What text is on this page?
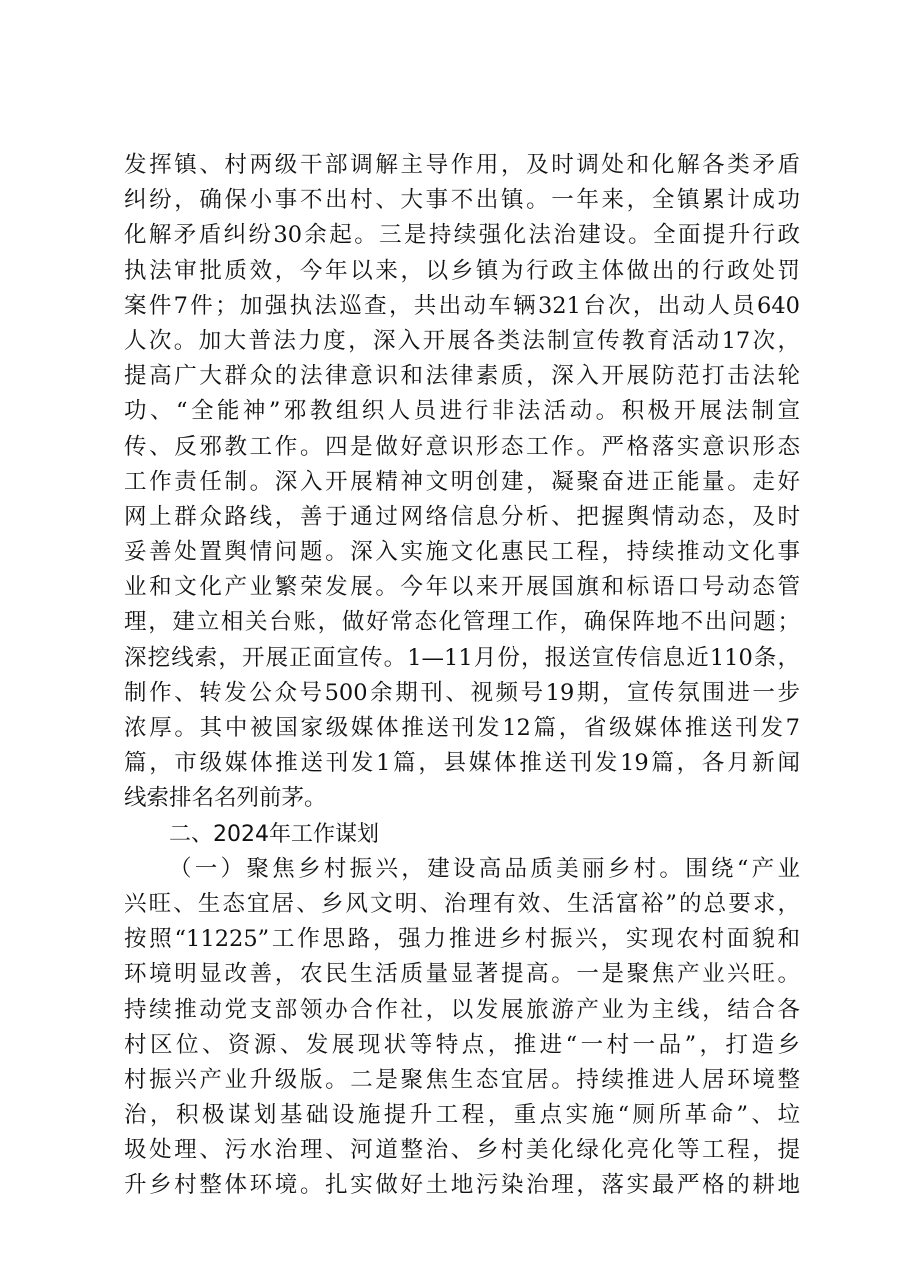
发挥镇、村两级干部调解主导作用，及时调处和化解各类矛盾
纠纷，确保小事不出村、大事不出镇。一年来，全镇累计成功
化解矛盾纠纷30余起。三是持续强化法治建设。全面提升行政
执法审批质效，今年以来，以乡镇为行政主体做出的行政处罚
案件7件；加强执法巡查，共出动车辆321台次，出动人员640
人次。加大普法力度，深入开展各类法制宣传教育活动17次，
提高广大群众的法律意识和法律素质，深入开展防范打击法轮
功、“全能神”邪教组织人员进行非法活动。积极开展法制宣
传、反邪教工作。四是做好意识形态工作。严格落实意识形态
工作责任制。深入开展精神文明创建，凝聚奋进正能量。走好
网上群众路线，善于通过网络信息分析、把握舆情动态，及时
妥善处置舆情问题。深入实施文化惠民工程，持续推动文化事
业和文化产业繁荣发展。今年以来开展国旗和标语口号动态管
理，建立相关台账，做好常态化管理工作，确保阵地不出问题；
深挖线索，开展正面宣传。1—11月份，报送宣传信息近110条，
制作、转发公众号500余期刊、视频号19期，宣传氛围进一步
浓厚。其中被国家级媒体推送刊发12篇，省级媒体推送刊发7
篇，市级媒体推送刊发1篇，县媒体推送刊发19篇，各月新闻
线索排名名列前茅。
二、2024年工作谋划
（一）聚焦乡村振兴，建设高品质美丽乡村。围绕“产业
兴旺、生态宜居、乡风文明、治理有效、生活富裕”的总要求，
按照“11225”工作思路，强力推进乡村振兴，实现农村面貌和
环境明显改善，农民生活质量显著提高。一是聚焦产业兴旺。
持续推动党支部领办合作社，以发展旅游产业为主线，结合各
村区位、资源、发展现状等特点，推进“一村一品”，打造乡
村振兴产业升级版。二是聚焦生态宜居。持续推进人居环境整
治，积极谋划基础设施提升工程，重点实施“厕所革命”、垃
圾处理、污水治理、河道整治、乡村美化绿化亮化等工程，提
升乡村整体环境。扎实做好土地污染治理，落实最严格的耕地
